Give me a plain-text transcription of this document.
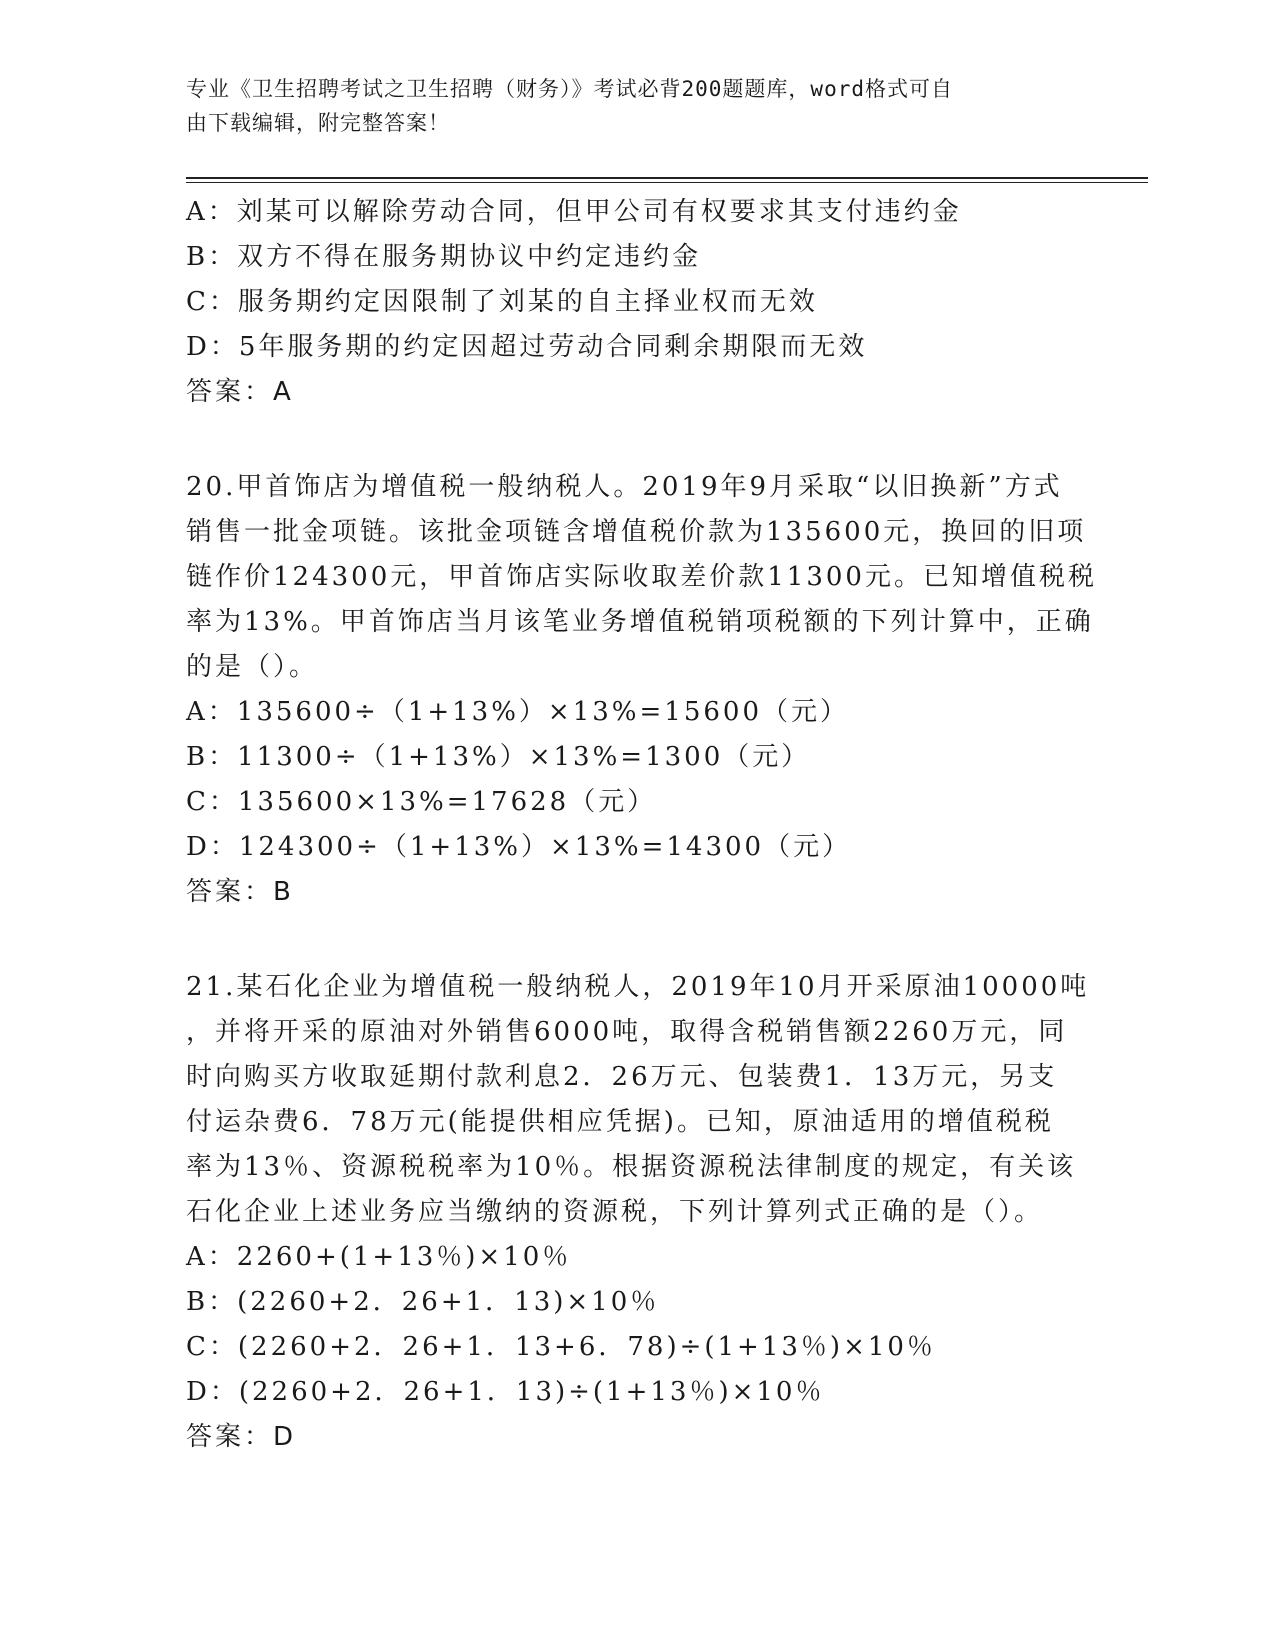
专业《卫生招聘考试之卫生招聘（财务）》考试必背200题题库，word格式可自
由下载编辑，附完整答案！
A：刘某可以解除劳动合同，但甲公司有权要求其支付违约金
B：双方不得在服务期协议中约定违约金
C：服务期约定因限制了刘某的自主择业权而无效
D：5年服务期的约定因超过劳动合同剩余期限而无效
答案：A
20.甲首饰店为增值税一般纳税人。2019年9月采取“以旧换新”方式
销售一批金项链。该批金项链含增值税价款为135600元，换回的旧项
链作价124300元，甲首饰店实际收取差价款11300元。已知增值税税
率为13%。甲首饰店当月该笔业务增值税销项税额的下列计算中，正确
的是（）。
A：135600÷（1+13%）×13%=15600（元）
B：11300÷（1+13%）×13%=1300（元）
C：135600×13%=17628（元）
D：124300÷（1+13%）×13%=14300（元）
答案：B
21.某石化企业为增值税一般纳税人，2019年10月开采原油10000吨
，并将开采的原油对外销售6000吨，取得含税销售额2260万元，同
时向购买方收取延期付款利息2．26万元、包装费1．13万元，另支
付运杂费6．78万元(能提供相应凭据)。已知，原油适用的增值税税
率为13％、资源税税率为10％。根据资源税法律制度的规定，有关该
石化企业上述业务应当缴纳的资源税，下列计算列式正确的是（）。
A：2260+(1+13％)×10％
B：(2260+2．26+1．13)×10％
C：(2260+2．26+1．13+6．78)÷(1+13％)×10％
D：(2260+2．26+1．13)÷(1+13％)×10％
答案：D
